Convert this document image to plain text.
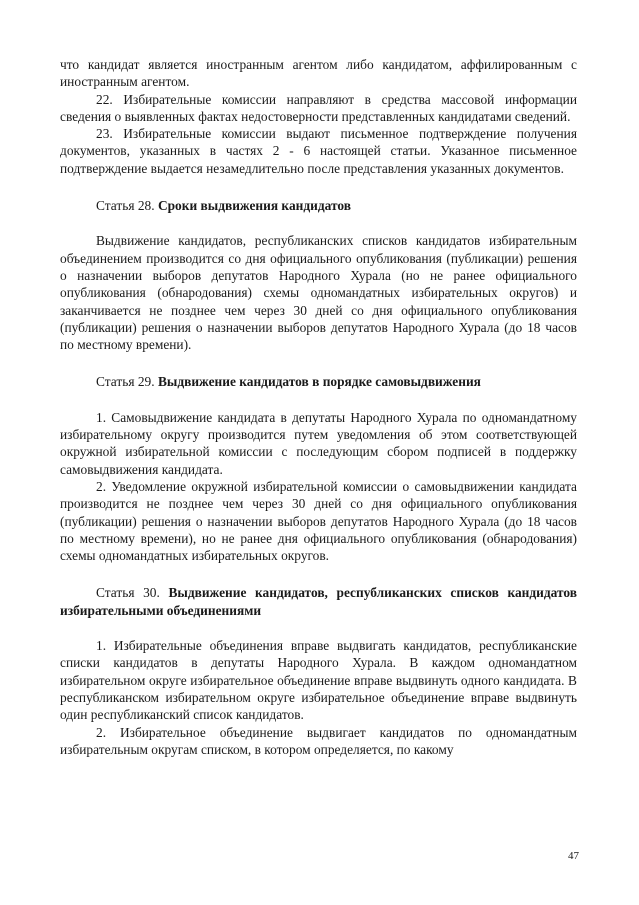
что кандидат является иностранным агентом либо кандидатом, аффилированным с иностранным агентом.

22. Избирательные комиссии направляют в средства массовой информации сведения о выявленных фактах недостоверности представленных кандидатами сведений.

23. Избирательные комиссии выдают письменное подтверждение получения документов, указанных в частях 2 - 6 настоящей статьи. Указанное письменное подтверждение выдается незамедлительно после представления указанных документов.

Статья 28. Сроки выдвижения кандидатов

Выдвижение кандидатов, республиканских списков кандидатов избирательным объединением производится со дня официального опубликования (публикации) решения о назначении выборов депутатов Народного Хурала (но не ранее официального опубликования (обнародования) схемы одномандатных избирательных округов) и заканчивается не позднее чем через 30 дней со дня официального опубликования (публикации) решения о назначении выборов депутатов Народного Хурала (до 18 часов по местному времени).

Статья 29. Выдвижение кандидатов в порядке самовыдвижения

1. Самовыдвижение кандидата в депутаты Народного Хурала по одномандатному избирательному округу производится путем уведомления об этом соответствующей окружной избирательной комиссии с последующим сбором подписей в поддержку самовыдвижения кандидата.

2. Уведомление окружной избирательной комиссии о самовыдвижении кандидата производится не позднее чем через 30 дней со дня официального опубликования (публикации) решения о назначении выборов депутатов Народного Хурала (до 18 часов по местному времени), но не ранее дня официального опубликования (обнародования) схемы одномандатных избирательных округов.

Статья 30. Выдвижение кандидатов, республиканских списков кандидатов избирательными объединениями

1. Избирательные объединения вправе выдвигать кандидатов, республиканские списки кандидатов в депутаты Народного Хурала. В каждом одномандатном избирательном округе избирательное объединение вправе выдвинуть одного кандидата. В республиканском избирательном округе избирательное объединение вправе выдвинуть один республиканский список кандидатов.

2. Избирательное объединение выдвигает кандидатов по одномандатным избирательным округам списком, в котором определяется, по какому

47
